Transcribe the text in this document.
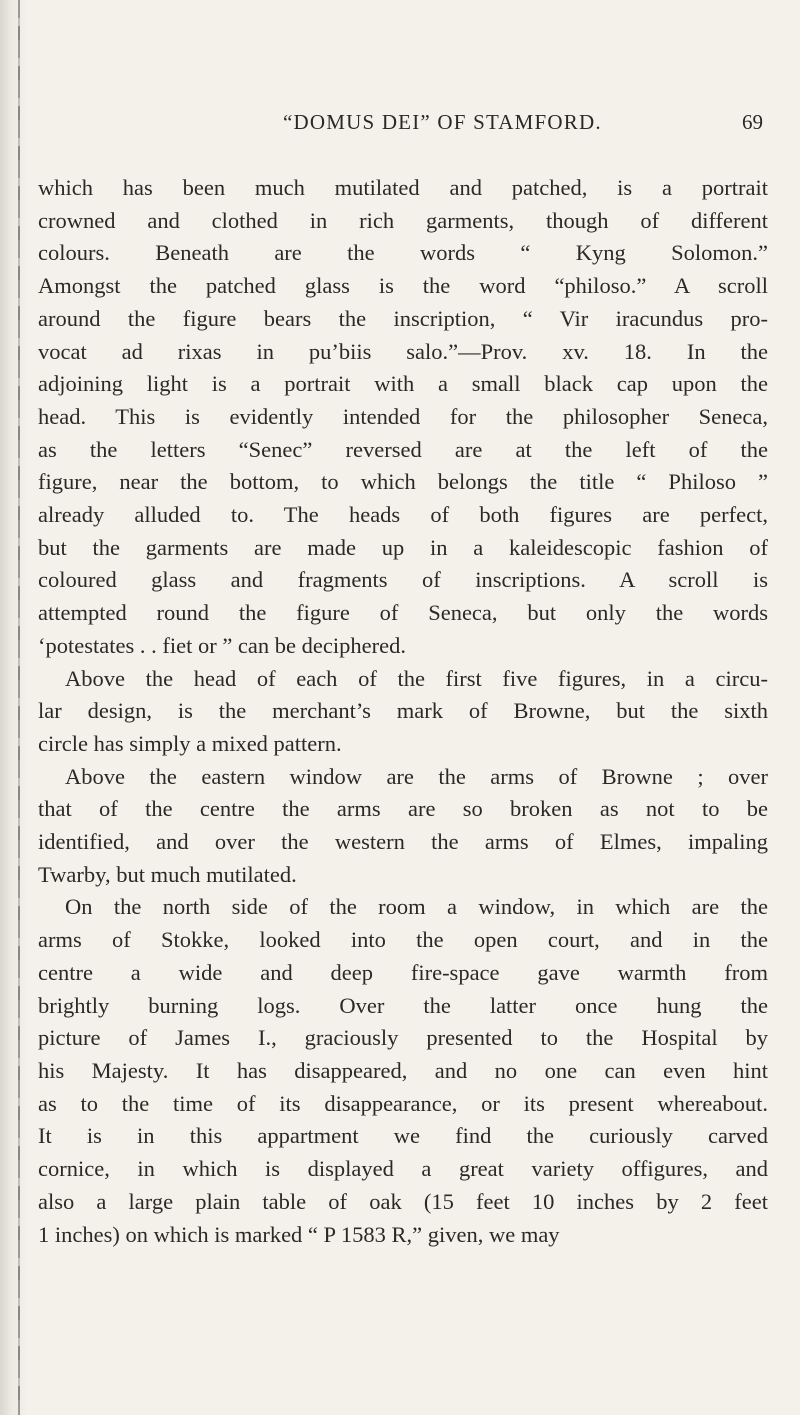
“DOMUS DEI” OF STAMFORD.	69
which has been much mutilated and patched, is a portrait
crowned and clothed in rich garments, though of different
colours. Beneath are the words “ Kyng Solomon.”
Amongst the patched glass is the word “philoso.” A scroll
around the figure bears the inscription, “ Vir iracundus pro-
vocat ad rixas in pu’biis salo.”—Prov. xv. 18. In the
adjoining light is a portrait with a small black cap upon the
head. This is evidently intended for the philosopher Seneca,
as the letters “Senec” reversed are at the left of the
figure, near the bottom, to which belongs the title “ Philoso ”
already alluded to. The heads of both figures are perfect,
but the garments are made up in a kaleidescopic fashion of
coloured glass and fragments of inscriptions. A scroll is
attempted round the figure of Seneca, but only the words
‘potestates . . fiet or ” can be deciphered.
Above the head of each of the first five figures, in a circu-
lar design, is the merchant’s mark of Browne, but the sixth
circle has simply a mixed pattern.
Above the eastern window are the arms of Browne ; over
that of the centre the arms are so broken as not to be
identified, and over the western the arms of Elmes, impaling
Twarby, but much mutilated.
On the north side of the room a window, in which are the
arms of Stokke, looked into the open court, and in the
centre a wide and deep fire-space gave warmth from
brightly burning logs. Over the latter once hung the
picture of James I., graciously presented to the Hospital by
his Majesty. It has disappeared, and no one can even hint
as to the time of its disappearance, or its present whereabout.
It is in this appartment we find the curiously carved
cornice, in which is displayed a great variety offigures, and
also a large plain table of oak (15 feet 10 inches by 2 feet
1 inches) on which is marked “ P 1583 R,” given, we may
